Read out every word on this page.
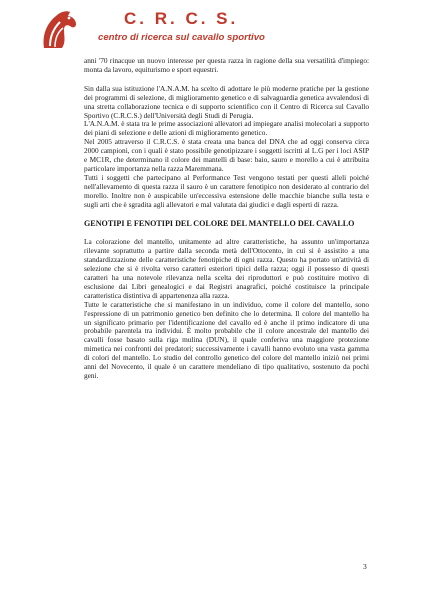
C. R. C. S.
centro di ricerca sul cavallo sportivo

anni '70 rinacque un nuovo interesse per questa razza in ragione della sua versatilità d'impiego: monta da lavoro, equiturismo e sport equestri.

Sin dalla sua istituzione l'A.N.A.M. ha scelto di adottare le più moderne pratiche per la gestione dei programmi di selezione, di miglioramento genetico e di salvaguardia genetica avvalendosi di una stretta collaborazione tecnica e di supporto scientifico con il Centro di Ricerca sul Cavallo Sportivo (C.R.C.S.) dell'Università degli Studi di Perugia.

L'A.N.A.M. è stata tra le prime associazioni allevatori ad impiegare analisi molecolari a supporto dei piani di selezione e delle azioni di miglioramento genetico.

Nel 2005 attraverso il C.R.C.S. è stata creata una banca del DNA che ad oggi conserva circa 2000 campioni, con i quali è stato possibile genotipizzare i soggetti iscritti al L.G per i loci ASIP e MC1R, che determinano il colore dei mantelli di base: baio, sauro e morello a cui è attribuita particolare importanza nella razza Maremmana.

Tutti i soggetti che partecipano al Performance Test vengono testati per questi alleli poiché nell'allevamento di questa razza il sauro è un carattere fenotipico non desiderato al contrario del morello. Inoltre non è auspicabile un'eccessiva estensione delle macchie bianche sulla testa e sugli arti che è sgradita agli allevatori e mal valutata dai giudici e dagli esperti di razza.

GENOTIPI E FENOTIPI DEL COLORE DEL MANTELLO DEL CAVALLO

La colorazione del mantello, unitamente ad altre caratteristiche, ha assunto un'importanza rilevante soprattutto a partire dalla seconda metà dell'Ottocento, in cui si è assistito a una standardizzazione delle caratteristiche fenotipiche di ogni razza. Questo ha portato un'attività di selezione che si è rivolta verso caratteri esteriori tipici della razza; oggi il possesso di questi caratteri ha una notevole rilevanza nella scelta dei riproduttori e può costituire motivo di esclusione dai Libri genealogici e dai Registri anagrafici, poiché costituisce la principale caratteristica distintiva di appartenenza alla razza.

Tutte le caratteristiche che si manifestano in un individuo, come il colore del mantello, sono l'espressione di un patrimonio genetico ben definito che lo determina. Il colore del mantello ha un significato primario per l'identificazione del cavallo ed è anche il primo indicatore di una probabile parentela tra individui. È molto probabile che il colore ancestrale del mantello dei cavalli fosse basato sulla riga mulina (DUN), il quale conferiva una maggiore protezione mimetica nei confronti dei predatori; successivamente i cavalli hanno evoluto una vasta gamma di colori del mantello. Lo studio del controllo genetico del colore del mantello iniziò nei primi anni del Novecento, il quale è un carattere mendeliano di tipo qualitativo, sostenuto da pochi geni.

3
